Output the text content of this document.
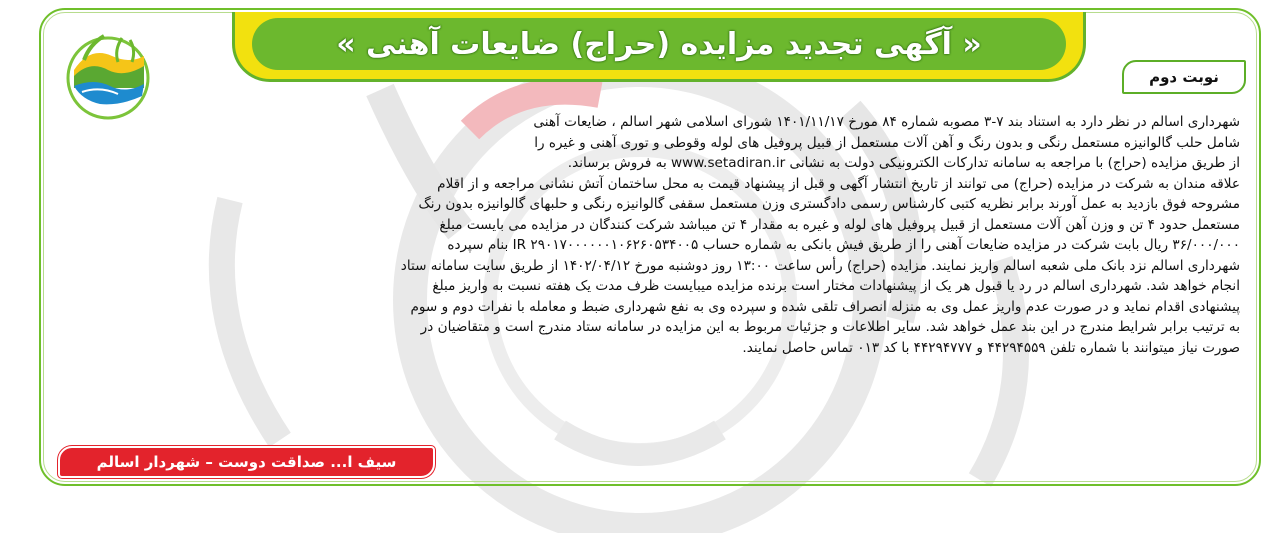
« آگهی تجدید مزایده (حراج) ضایعات آهنی »
نوبت دوم

شهرداری اسالم در نظر دارد به استناد بند ۷-۳ مصوبه شماره ۸۴ مورخ ۱۴۰۱/۱۱/۱۷ شورای اسلامی شهر اسالم ، ضایعات آهنی

شامل حلب گالوانیزه مستعمل رنگی و بدون رنگ و آهن آلات مستعمل از قبیل پروفیل های لوله وقوطی و توری آهنی و غیره را

از طریق مزایده (حراج) با مراجعه به سامانه تدارکات الکترونیکی دولت به نشانی www.setadiran.ir به فروش برساند.

علاقه مندان به شرکت در مزایده (حراج) می توانند از تاریخ انتشار آگهی و قبل از پیشنهاد قیمت به محل ساختمان آتش نشانی مراجعه و از اقلام

مشروحه فوق بازدید به عمل آورند برابر نظریه کتبی کارشناس رسمی دادگستری وزن مستعمل سقفی گالوانیزه رنگی و حلبهای گالوانیزه بدون رنگ

مستعمل حدود ۴ تن و وزن آهن آلات مستعمل از قبیل پروفیل های لوله و غیره به مقدار ۴ تن میباشد شرکت کنندگان در مزایده می بایست مبلغ

۳۶/۰۰۰/۰۰۰ ریال بابت شرکت در مزایده ضایعات آهنی را از طریق فیش بانکی به شماره حساب IR ۲۹۰۱۷۰۰۰۰۰۰۱۰۶۲۶۰۵۳۴۰۰۵ بنام سپرده

شهرداری اسالم نزد بانک ملی شعبه اسالم واریز نمایند. مزایده (حراج) رأس ساعت ۱۳:۰۰ روز دوشنبه مورخ ۱۴۰۲/۰۴/۱۲ از طریق سایت سامانه ستاد

انجام خواهد شد. شهرداری اسالم در رد یا قبول هر یک از پیشنهادات مختار است برنده مزایده میبایست ظرف مدت یک هفته نسبت به واریز مبلغ

پیشنهادی اقدام نماید و در صورت عدم واریز عمل وی به منزله انصراف تلقی شده و سپرده وی به نفع شهرداری ضبط و معامله با نفرات دوم و سوم

به ترتیب برابر شرایط مندرج در این بند عمل خواهد شد. سایر اطلاعات و جزئیات مربوط به این مزایده در سامانه ستاد مندرج است و متقاضیان در

صورت نیاز میتوانند با شماره تلفن ۴۴۲۹۴۵۵۹ و ۴۴۲۹۴۷۷۷ با کد ۰۱۳ تماس حاصل نمایند.

سیف ا... صداقت دوست – شهردار اسالم
